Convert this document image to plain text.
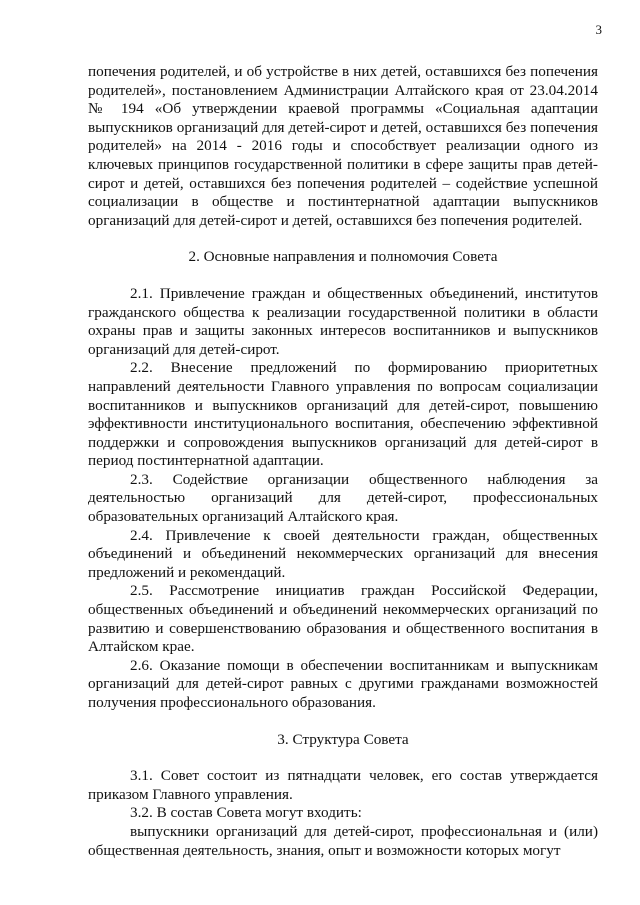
3

попечения родителей, и об устройстве в них детей, оставшихся без попечения родителей», постановлением Администрации Алтайского края от 23.04.2014 № 194 «Об утверждении краевой программы «Социальная адаптации выпускников организаций для детей-сирот и детей, оставшихся без попечения родителей» на 2014 - 2016 годы и способствует реализации одного из ключевых принципов государственной политики в сфере защиты прав детей-сирот и детей, оставшихся без попечения родителей – содействие успешной социализации в обществе и постинтернатной адаптации выпускников организаций для детей-сирот и детей, оставшихся без попечения родителей.

2. Основные направления и полномочия Совета

2.1. Привлечение граждан и общественных объединений, институтов гражданского общества к реализации государственной политики в области охраны прав и защиты законных интересов воспитанников и выпускников организаций для детей-сирот.

2.2. Внесение предложений по формированию приоритетных направлений деятельности Главного управления по вопросам социализации воспитанников и выпускников организаций для детей-сирот, повышению эффективности институционального воспитания, обеспечению эффективной поддержки и сопровождения выпускников организаций для детей-сирот в период постинтернатной адаптации.

2.3. Содействие организации общественного наблюдения за деятельностью организаций для детей-сирот, профессиональных образовательных организаций Алтайского края.

2.4. Привлечение к своей деятельности граждан, общественных объединений и объединений некоммерческих организаций для внесения предложений и рекомендаций.

2.5. Рассмотрение инициатив граждан Российской Федерации, общественных объединений и объединений некоммерческих организаций по развитию и совершенствованию образования и общественного воспитания в Алтайском крае.

2.6. Оказание помощи в обеспечении воспитанникам и выпускникам организаций для детей-сирот равных с другими гражданами возможностей получения профессионального образования.

3. Структура Совета

3.1. Совет состоит из пятнадцати человек, его состав утверждается приказом Главного управления.

3.2. В состав Совета могут входить:

выпускники организаций для детей-сирот, профессиональная и (или) общественная деятельность, знания, опыт и возможности которых могут
